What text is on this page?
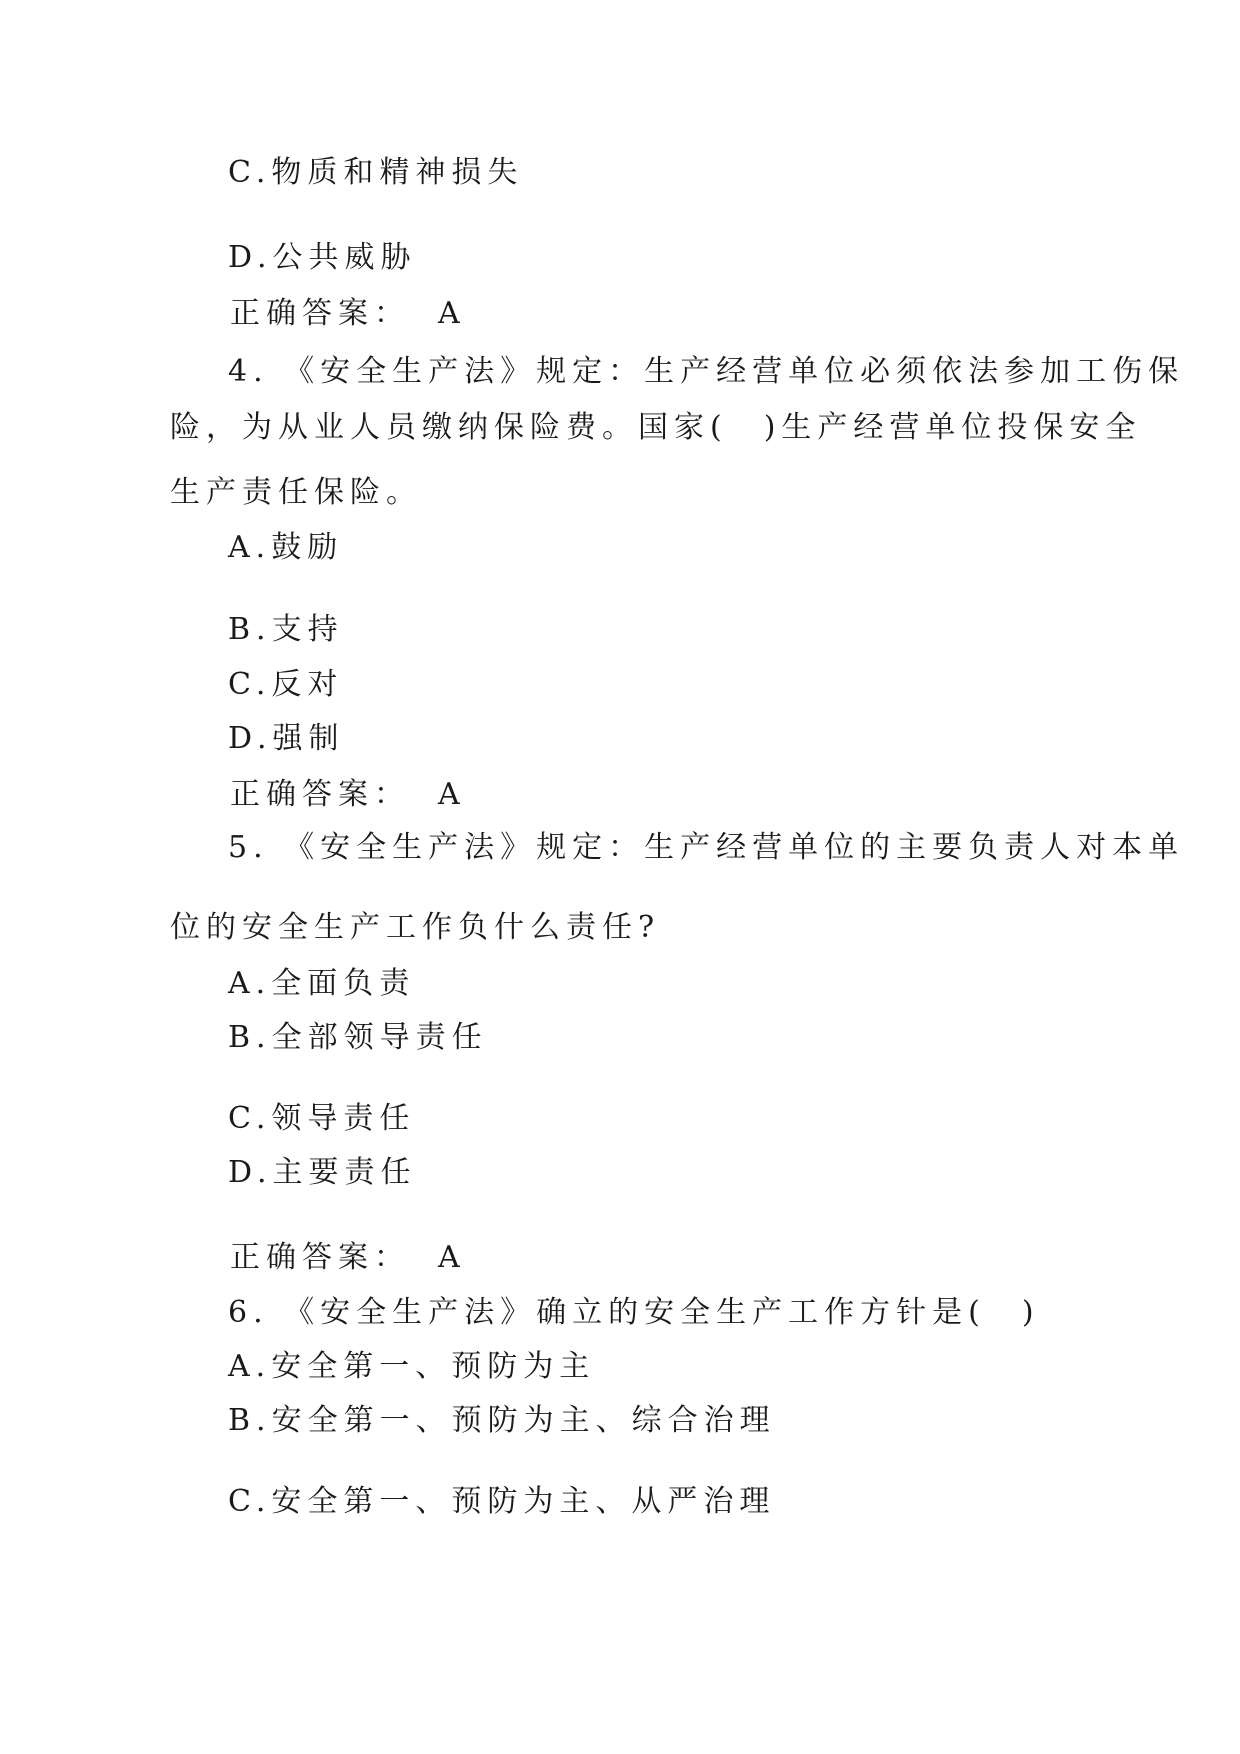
C.物质和精神损失
D.公共威胁
正确答案： A
4. 《安全生产法》规定：生产经营单位必须依法参加工伤保
险，为从业人员缴纳保险费。国家(　)生产经营单位投保安全
生产责任保险。
A.鼓励
B.支持
C.反对
D.强制
正确答案： A
5. 《安全生产法》规定：生产经营单位的主要负责人对本单
位的安全生产工作负什么责任?
A.全面负责
B.全部领导责任
C.领导责任
D.主要责任
正确答案： A
6. 《安全生产法》确立的安全生产工作方针是(　)
A.安全第一、预防为主
B.安全第一、预防为主、综合治理
C.安全第一、预防为主、从严治理
